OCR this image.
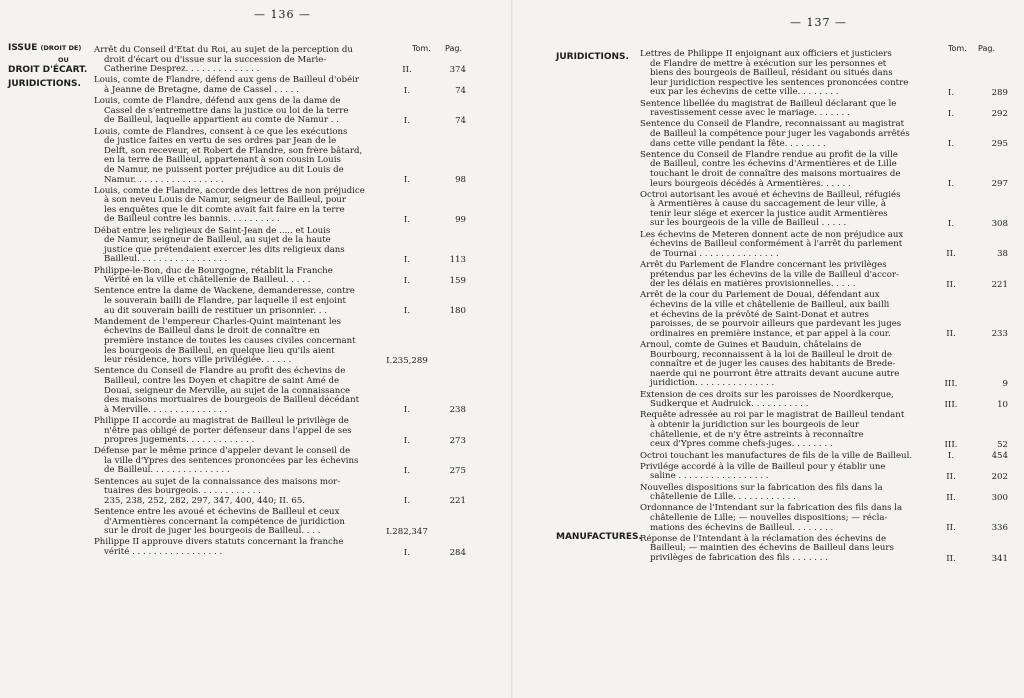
— 136 —
Tom. Pag.
ISSUE (DROIT DE)
OU
DROIT D'ÉCART.
JURIDICTIONS.
Arrêt du Conseil d'Etat du Roi, au sujet de la perception du
droit d'écart ou d'issue sur la succession de Marie-
Catherine Desprez. . . . . . . . . . . . . .	II.	374
Louis, comte de Flandre, défend aux gens de Bailleul d'obéir
à Jeanne de Bretagne, dame de Cassel . . . . .	I.	74
Louis, comte de Flandre, défend aux gens de la dame de
Cassel de s'entremettre dans la justice ou loi de la terre
de Bailleul, laquelle appartient au comte de Namur . .	I.	74
Louis, comte de Flandres, consent à ce que les exécutions
de justice faites en vertu de ses ordres par Jean de le
Delft, son receveur, et Robert de Flandre, son frère bâtard,
en la terre de Bailleul, appartenant à son cousin Louis
de Namur, ne puissent porter préjudice au dit Louis de
Namur. . . . . . . . . . . . . . . . .	I.	98
Louis, comte de Flandre, accorde des lettres de non préjudice
à son neveu Louis de Namur, seigneur de Bailleul, pour
les enquêtes que le dit comte avait fait faire en la terre
de Bailleul contre les bannis. . . . . . . . . .	I.	99
Débat entre les religieux de Saint-Jean de ..... et Louis
de Namur, seigneur de Bailleul, au sujet de la haute
justice que prétendaient exercer les dits religieux dans
Bailleul. . . . . . . . . . . . . . . . .	I.	113
Philippe-le-Bon, duc de Bourgogne, rétablit la Franche
Vérité en la ville et châtellenie de Bailleul. . . . .	I.	159
Sentence entre la dame de Wackene, demanderesse, contre
le souverain bailli de Flandre, par laquelle il est enjoint
au dit souverain bailli de restituer un prisonnier. . .	I.	180
Mandement de l'empereur Charles-Quint maintenant les
échevins de Bailleul dans le droit de connaître en
première instance de toutes les causes civiles concernant
les bourgeois de Bailleul, en quelque lieu qu'ils aient
leur résidence, hors ville privilégiée. . . . . .	I.235,289
Sentence du Conseil de Flandre au profit des échevins de
Bailleul, contre les Doyen et chapitre de saint Amé de
Douai, seigneur de Merville, au sujet de la connaissance
des maisons mortuaires de bourgeois de Bailleul décédant
à Merville. . . . . . . . . . . . . . .	I.	238
Philippe II accorde au magistrat de Bailleul le privilège de
n'être pas obligé de porter défenseur dans l'appel de ses
propres jugements. . . . . . . . . . . . .	I.	273
Défense par le même prince d'appeler devant le conseil de
la ville d'Ypres des sentences prononcées par les échevins
de Bailleul. . . . . . . . . . . . . . .	I.	275
Sentences au sujet de la connaissance des maisons mor-
tuaires des bourgeois. . . . . . . . . . . .
235, 238, 252, 282, 297, 347, 400, 440; II. 65.	I.	221
Sentence entre les avoué et échevins de Bailleul et ceux
d'Armentières concernant la compétence de juridiction
sur le droit de juger les bourgeois de Bailleul. . . .	I.282,347
Philippe II approuve divers statuts concernant la franche
vérité . . . . . . . . . . . . . . . . .	I.	284
— 137 —
Tom. Pag.
JURIDICTIONS.
MANUFACTURES.
Lettres de Philippe II enjoignant aux officiers et justiciers
de Flandre de mettre à exécution sur les personnes et
biens des bourgeois de Bailleul, résidant ou situés dans
leur juridiction respective les sentences prononcées contre
eux par les échevins de cette ville. . . . . . . .	I.	289
Sentence libellée du magistrat de Bailleul déclarant que le
ravestissement cesse avec le mariage. . . . . . .	I.	292
Sentence du Conseil de Flandre, reconnaissant au magistrat
de Bailleul la compétence pour juger les vagabonds arrêtés
dans cette ville pendant la fête. . . . . . . .	I.	295
Sentence du Conseil de Flandre rendue au profit de la ville
de Bailleul, contre les échevins d'Armentières et de Lille
touchant le droit de connaître des maisons mortuaires de
leurs bourgeois décédés à Armentières. . . . . .	I.	297
Octroi autorisant les avoué et échevins de Bailleul, réfugiés
à Armentières à cause du saccagement de leur ville, à
tenir leur siége et exercer la justice audit Armentières
sur les bourgeois de la ville de Bailleul . . . . .	I.	308
Les échevins de Meteren donnent acte de non préjudice aux
échevins de Bailleul conformément à l'arrêt du parlement
de Tournai . . . . . . . . . . . . . . .	II.	38
Arrêt du Parlement de Flandre concernant les privilèges
prétendus par les échevins de la ville de Bailleul d'accor-
der les délais en matières provisionnelles. . . . .	II.	221
Arrêt de la cour du Parlement de Douai, défendant aux
échevins de la ville et châtellenie de Bailleul, aux bailli
et échevins de la prévôté de Saint-Donat et autres
paroisses, de se pourvoir ailleurs que pardevant les juges
ordinaires en première instance, et par appel à la cour.	II.	233
Arnoul, comte de Guines et Bauduin, châtelains de
Bourbourg, reconnaissent à la loi de Bailleul le droit de
connaître et de juger les causes des habitants de Brede-
naerde qui ne pourront être attraits devant aucune autre
juridiction. . . . . . . . . . . . . . .	III.	9
Extension de ces droits sur les paroisses de Noordkerque,
Sudkerque et Audruick. . . . . . . . . . .	III.	10
Requête adressée au roi par le magistrat de Bailleul tendant
à obtenir la juridiction sur les bourgeois de leur
châtellenie, et de n'y être astreints à reconnaître
ceux d'Ypres comme chefs-juges. . . . . . . .	III.	52
Octroi touchant les manufactures de fils de la ville de Bailleul.	I.	454
Privilége accordé à la ville de Bailleul pour y établir une
saline . . . . . . . . . . . . . . . . .	II.	202
Nouvelles dispositions sur la fabrication des fils dans la
châtellenie de Lille. . . . . . . . . . . .	II.	300
Ordonnance de l'Intendant sur la fabrication des fils dans la
châtellenie de Lille; — nouvelles dispositions; — récla-
mations des échevins de Bailleul. . . . . . . .	II.	336
Réponse de l'Intendant à la réclamation des échevins de
Bailleul; — maintien des échevins de Bailleul dans leurs
privilèges de fabrication des fils . . . . . . .	II.	341
